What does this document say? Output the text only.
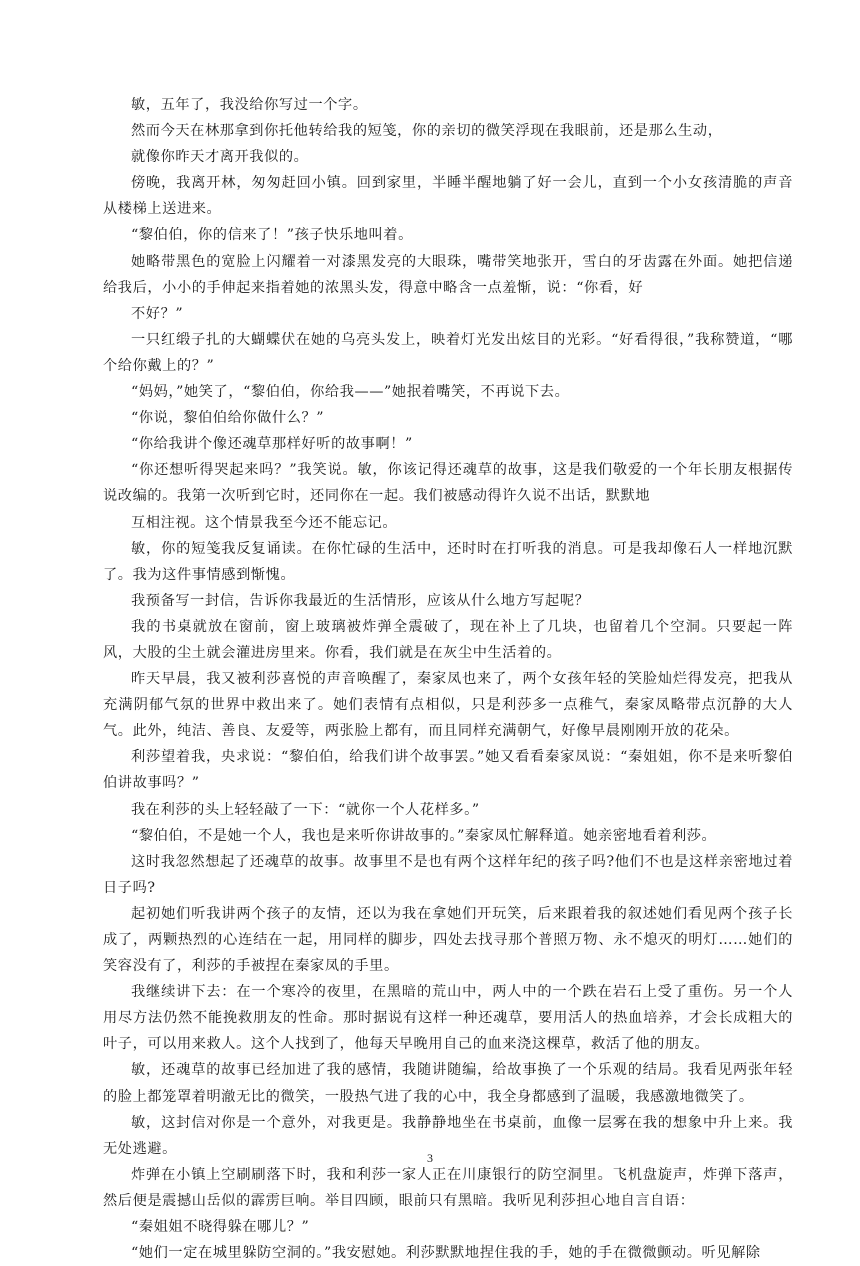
敏，五年了，我没给你写过一个字。

然而今天在林那拿到你托他转给我的短笺，你的亲切的微笑浮现在我眼前，还是那么生动，

就像你昨天才离开我似的。

傍晚，我离开林，匆匆赶回小镇。回到家里，半睡半醒地躺了好一会儿，直到一个小女孩清脆的声音从楼梯上送进来。

“黎伯伯，你的信来了！”孩子快乐地叫着。

她略带黑色的宽脸上闪耀着一对漆黑发亮的大眼珠，嘴带笑地张开，雪白的牙齿露在外面。她把信递给我后，小小的手伸起来指着她的浓黑头发，得意中略含一点羞惭，说：“你看，好

不好？”

一只红缎子扎的大蝴蝶伏在她的乌亮头发上，映着灯光发出炫目的光彩。“好看得很，”我称赞道，“哪个给你戴上的？”

“妈妈，”她笑了，“黎伯伯，你给我——”她抿着嘴笑，不再说下去。

“你说，黎伯伯给你做什么？”

“你给我讲个像还魂草那样好听的故事啊！”

“你还想听得哭起来吗？”我笑说。敏，你该记得还魂草的故事，这是我们敬爱的一个年长朋友根据传说改编的。我第一次听到它时，还同你在一起。我们被感动得许久说不出话，默默地

互相注视。这个情景我至今还不能忘记。

敏，你的短笺我反复诵读。在你忙碌的生活中，还时时在打听我的消息。可是我却像石人一样地沉默了。我为这件事情感到惭愧。

我预备写一封信，告诉你我最近的生活情形，应该从什么地方写起呢？

我的书桌就放在窗前，窗上玻璃被炸弹全震破了，现在补上了几块，也留着几个空洞。只要起一阵风，大股的尘土就会灌进房里来。你看，我们就是在灰尘中生活着的。

昨天早晨，我又被利莎喜悦的声音唤醒了，秦家凤也来了，两个女孩年轻的笑脸灿烂得发亮，把我从充满阴郁气氛的世界中救出来了。她们表情有点相似，只是利莎多一点稚气，秦家凤略带点沉静的大人气。此外，纯洁、善良、友爱等，两张脸上都有，而且同样充满朝气，好像早晨刚刚开放的花朵。

利莎望着我，央求说：“黎伯伯，给我们讲个故事罢。”她又看看秦家凤说：“秦姐姐，你不是来听黎伯伯讲故事吗？”

我在利莎的头上轻轻敲了一下：“就你一个人花样多。”

“黎伯伯，不是她一个人，我也是来听你讲故事的。”秦家凤忙解释道。她亲密地看着利莎。

这时我忽然想起了还魂草的故事。故事里不是也有两个这样年纪的孩子吗?他们不也是这样亲密地过着日子吗?

起初她们听我讲两个孩子的友情，还以为我在拿她们开玩笑，后来跟着我的叙述她们看见两个孩子长成了，两颗热烈的心连结在一起，用同样的脚步，四处去找寻那个普照万物、永不熄灭的明灯……她们的笑容没有了，利莎的手被捏在秦家凤的手里。

我继续讲下去：在一个寒冷的夜里，在黑暗的荒山中，两人中的一个跌在岩石上受了重伤。另一个人用尽方法仍然不能挽救朋友的性命。那时据说有这样一种还魂草，要用活人的热血培养，才会长成粗大的叶子，可以用来救人。这个人找到了，他每天早晚用自己的血来浇这棵草，救活了他的朋友。

敏，还魂草的故事已经加进了我的感情，我随讲随编，给故事换了一个乐观的结局。我看见两张年轻的脸上都笼罩着明澈无比的微笑，一股热气进了我的心中，我全身都感到了温暖，我感激地微笑了。

敏，这封信对你是一个意外，对我更是。我静静地坐在书桌前，血像一层雾在我的想象中升上来。我无处逃避。

炸弹在小镇上空刷刷落下时，我和利莎一家人正在川康银行的防空洞里。飞机盘旋声，炸弹下落声，然后便是震撼山岳似的霹雳巨响。举目四顾，眼前只有黑暗。我听见利莎担心地自言自语：

“秦姐姐不晓得躲在哪儿？”

“她们一定在城里躲防空洞的。”我安慰她。利莎默默地捏住我的手，她的手在微微颤动。听见解除

3
